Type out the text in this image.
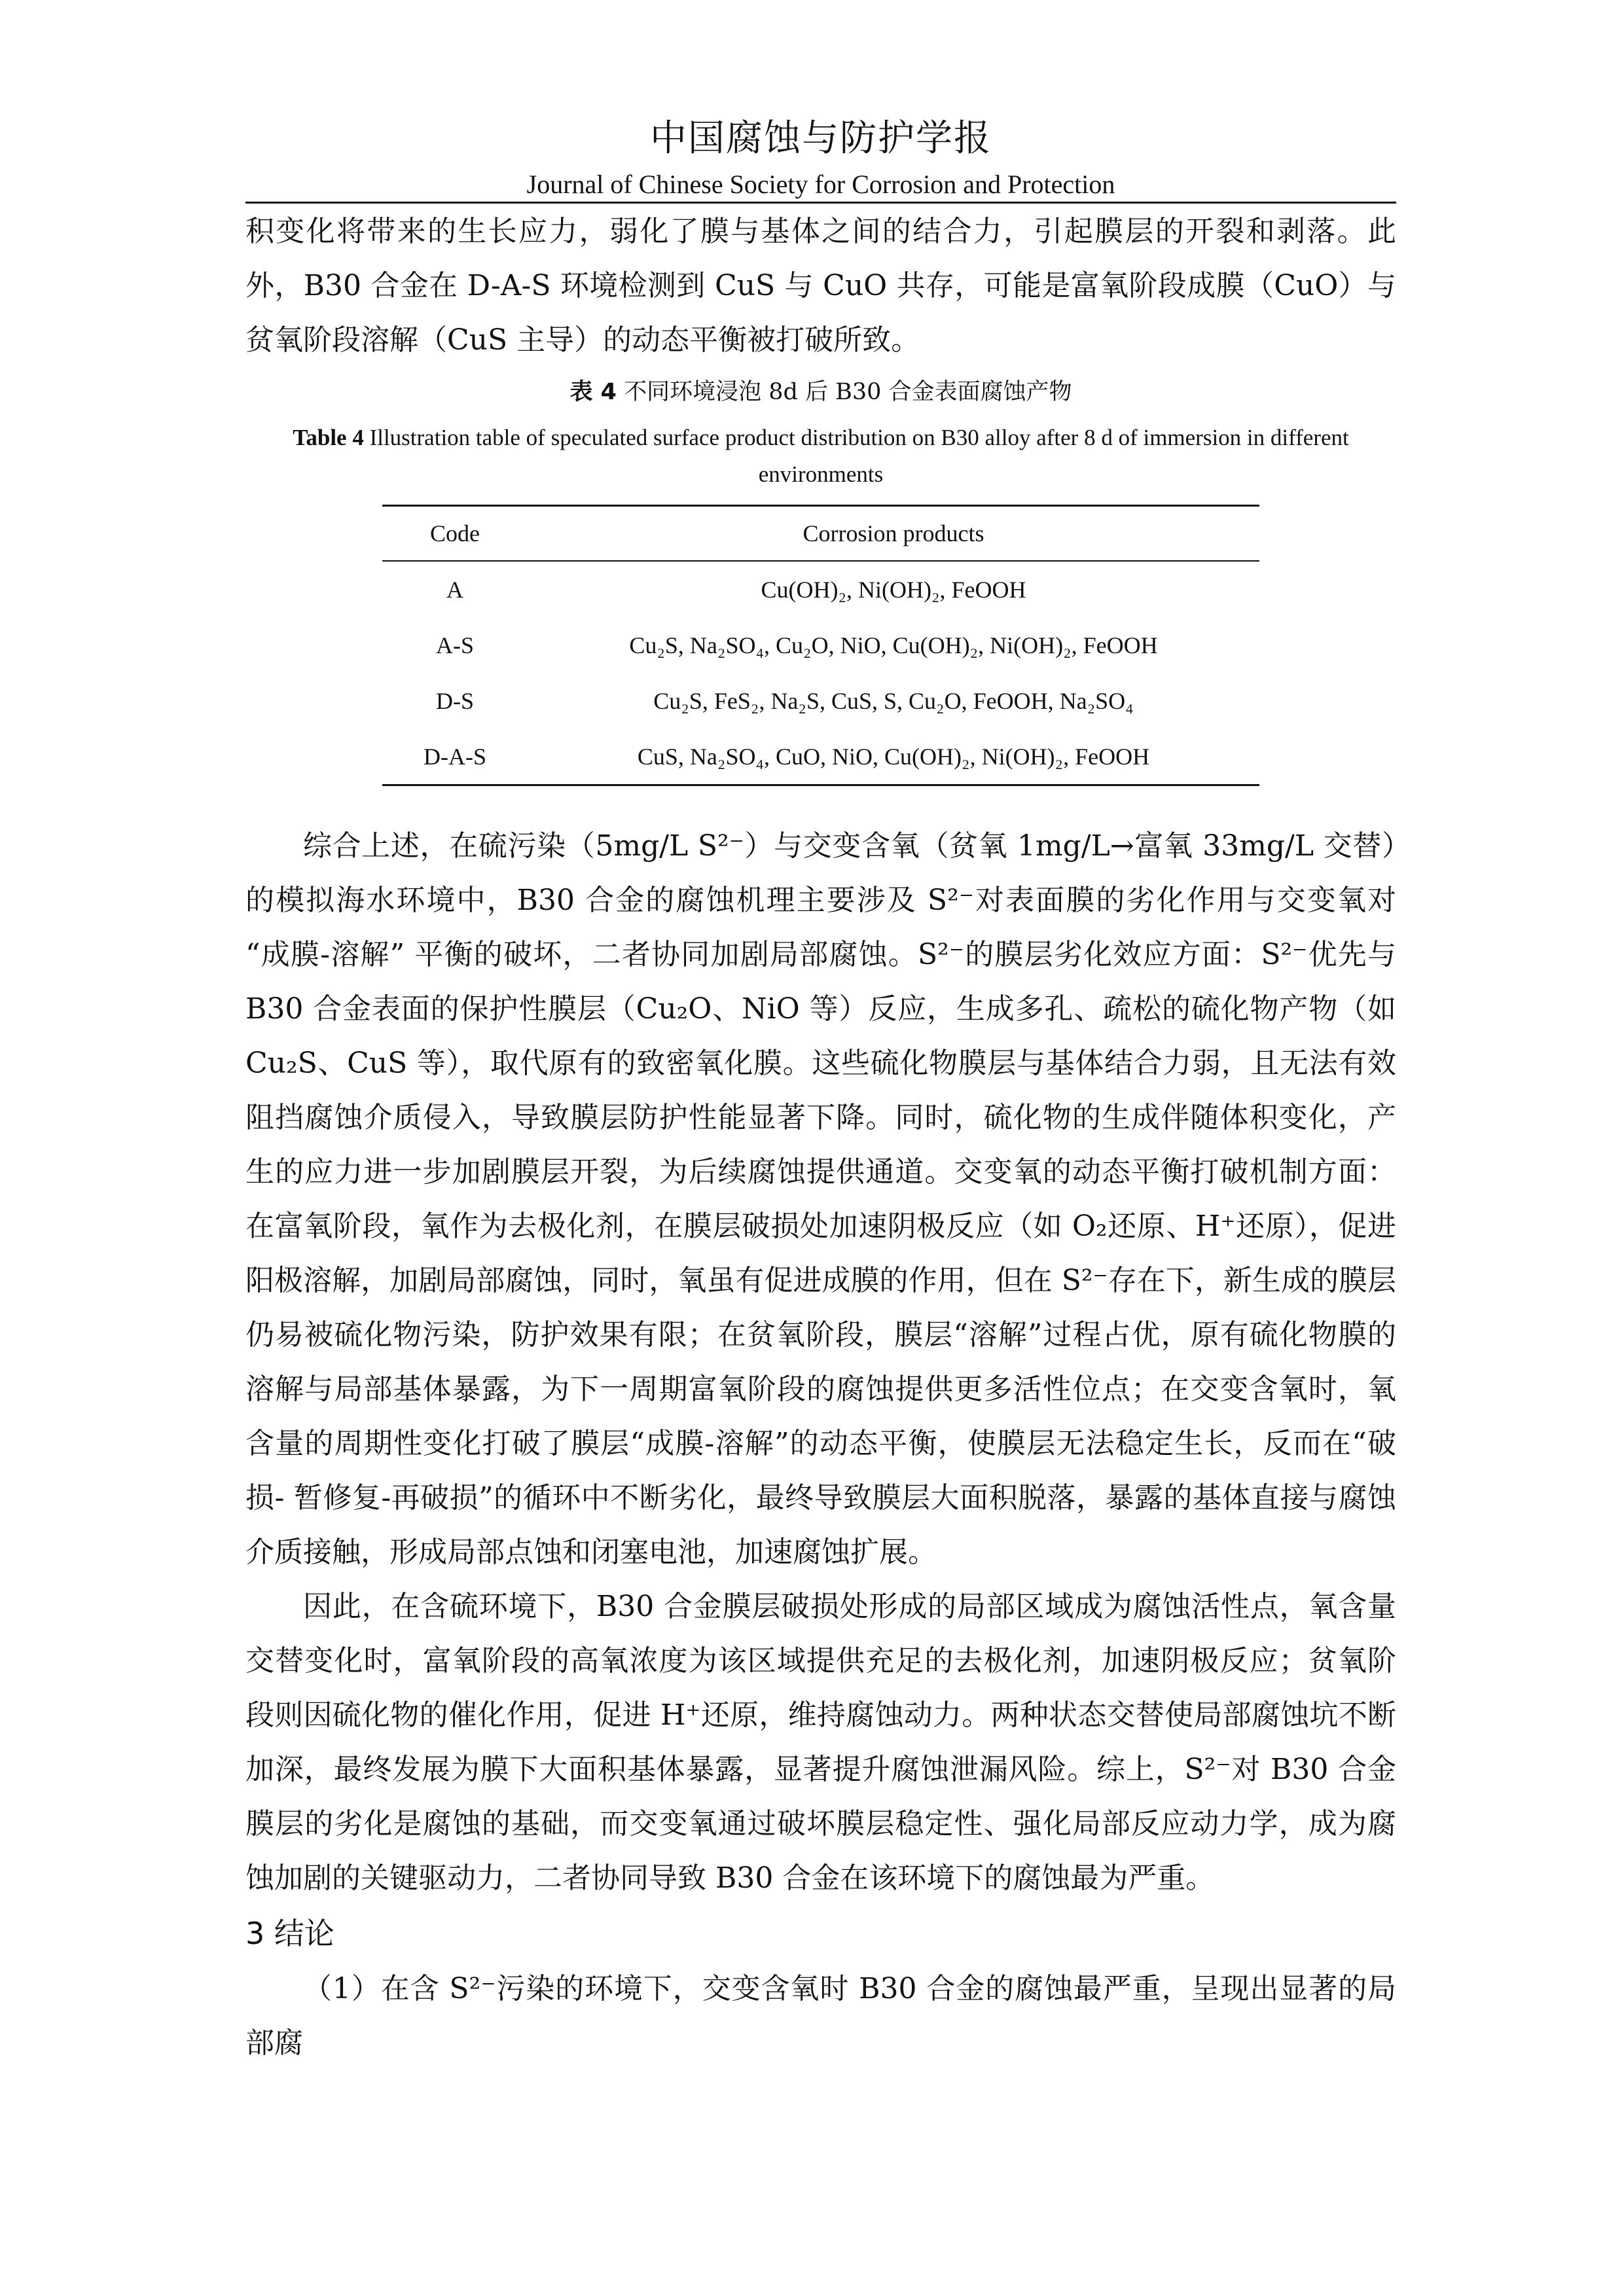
中国腐蚀与防护学报
Journal of Chinese Society for Corrosion and Protection

积变化将带来的生长应力，弱化了膜与基体之间的结合力，引起膜层的开裂和剥落。此外，B30 合金在 D-A-S 环境检测到 CuS 与 CuO 共存，可能是富氧阶段成膜（CuO）与贫氧阶段溶解（CuS 主导）的动态平衡被打破所致。

表 4 不同环境浸泡 8d 后 B30 合金表面腐蚀产物
Table 4 Illustration table of speculated surface product distribution on B30 alloy after 8 d of immersion in different environments
Code	Corrosion products
A	Cu(OH)₂, Ni(OH)₂, FeOOH
A-S	Cu₂S, Na₂SO₄, Cu₂O, NiO, Cu(OH)₂, Ni(OH)₂, FeOOH
D-S	Cu₂S, FeS₂, Na₂S, CuS, S, Cu₂O, FeOOH, Na₂SO₄
D-A-S	CuS, Na₂SO₄, CuO, NiO, Cu(OH)₂, Ni(OH)₂, FeOOH

综合上述，在硫污染（5mg/L S²⁻）与交变含氧（贫氧 1mg/L→富氧 33mg/L 交替）的模拟海水环境中，B30 合金的腐蚀机理主要涉及 S²⁻对表面膜的劣化作用与交变氧对 “成膜-溶解” 平衡的破坏，二者协同加剧局部腐蚀。S²⁻的膜层劣化效应方面：S²⁻优先与 B30 合金表面的保护性膜层（Cu₂O、NiO 等）反应，生成多孔、疏松的硫化物产物（如 Cu₂S、CuS 等），取代原有的致密氧化膜。这些硫化物膜层与基体结合力弱，且无法有效阻挡腐蚀介质侵入，导致膜层防护性能显著下降。同时，硫化物的生成伴随体积变化，产生的应力进一步加剧膜层开裂，为后续腐蚀提供通道。交变氧的动态平衡打破机制方面：在富氧阶段，氧作为去极化剂，在膜层破损处加速阴极反应（如 O₂还原、H⁺还原），促进阳极溶解，加剧局部腐蚀，同时，氧虽有促进成膜的作用，但在 S²⁻存在下，新生成的膜层仍易被硫化物污染，防护效果有限；在贫氧阶段，膜层“溶解”过程占优，原有硫化物膜的溶解与局部基体暴露，为下一周期富氧阶段的腐蚀提供更多活性位点；在交变含氧时，氧含量的周期性变化打破了膜层“成膜-溶解”的动态平衡，使膜层无法稳定生长，反而在“破损- 暂修复-再破损”的循环中不断劣化，最终导致膜层大面积脱落，暴露的基体直接与腐蚀介质接触，形成局部点蚀和闭塞电池，加速腐蚀扩展。

因此，在含硫环境下，B30 合金膜层破损处形成的局部区域成为腐蚀活性点，氧含量交替变化时，富氧阶段的高氧浓度为该区域提供充足的去极化剂，加速阴极反应；贫氧阶段则因硫化物的催化作用，促进 H⁺还原，维持腐蚀动力。两种状态交替使局部腐蚀坑不断加深，最终发展为膜下大面积基体暴露，显著提升腐蚀泄漏风险。综上，S²⁻对 B30 合金膜层的劣化是腐蚀的基础，而交变氧通过破坏膜层稳定性、强化局部反应动力学，成为腐蚀加剧的关键驱动力，二者协同导致 B30 合金在该环境下的腐蚀最为严重。

3 结论

（1）在含 S²⁻污染的环境下，交变含氧时 B30 合金的腐蚀最严重，呈现出显著的局部腐
